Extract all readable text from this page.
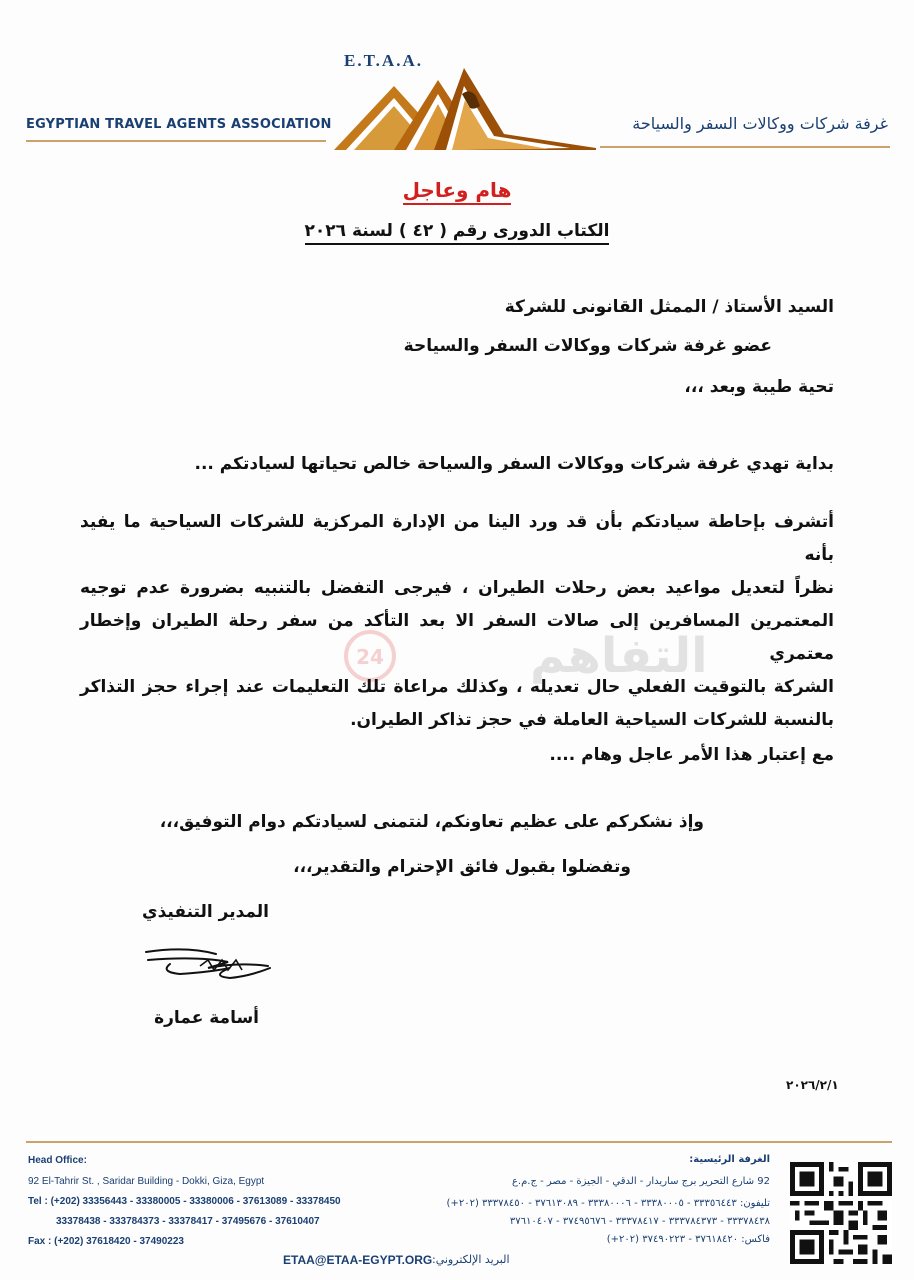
E.T.A.A.
EGYPTIAN TRAVEL AGENTS ASSOCIATION	غرفة شركات ووكالات السفر والسياحة
هام وعاجل
الكتاب الدورى رقم ( ٤٢ ) لسنة ٢٠٢٦
السيد الأستاذ / الممثل القانونى للشركة
عضو غرفة شركات ووكالات السفر والسياحة
تحية طيبة وبعد ،،،
بداية تهدي غرفة شركات ووكالات السفر والسياحة خالص تحياتها لسيادتكم ...
24	التفاهم
أتشرف بإحاطة سيادتكم بأن قد ورد الينا من الإدارة المركزية للشركات السياحية ما يفيد بأنه
نظراً لتعديل مواعيد بعض رحلات الطيران ، فيرجى التفضل بالتنبيه بضرورة عدم توجيه
المعتمرين المسافرين إلى صالات السفر الا بعد التأكد من سفر رحلة الطيران وإخطار معتمري
الشركة بالتوقيت الفعلي حال تعديله ، وكذلك مراعاة تلك التعليمات عند إجراء حجز التذاكر
بالنسبة للشركات السياحية العاملة في حجز تذاكر الطيران.
مع إعتبار هذا الأمر عاجل وهام ....
وإذ نشكركم على عظيم تعاونكم، لنتمنى لسيادتكم دوام التوفيق،،،
وتفضلوا بقبول فائق الإحترام والتقدير،،،
المدير التنفيذي
أسامة عمارة
٢٠٢٦/٢/١
Head Office:
92 El-Tahrir St. , Saridar Building - Dokki, Giza, Egypt
Tel : (+202) 33356443 - 33380005 - 33380006 - 37613089 - 33378450
33378438 - 333784373 - 33378417 - 37495676 - 37610407
Fax : (+202) 37618420 - 37490223
الغرفة الرئيسية:
92 شارع التحرير برج ساريدار - الدقي - الجيزة - مصر - ج.م.ع
تليفون: ٣٣٣٥٦٤٤٣ - ٣٣٣٨٠٠٠٥ - ٣٣٣٨٠٠٠٦ - ٣٧٦١٣٠٨٩ - ٣٣٣٧٨٤٥٠ (٢٠٢+)
٣٣٣٧٨٤٣٨ - ٣٣٣٧٨٤٣٧٣ - ٣٣٣٧٨٤١٧ - ٣٧٤٩٥٦٧٦ - ٣٧٦١٠٤٠٧
فاكس: ٣٧٦١٨٤٢٠ - ٣٧٤٩٠٢٢٣ (٢٠٢+)
ETAA@ETAA-EGYPT.ORG البريد الإلكتروني:
